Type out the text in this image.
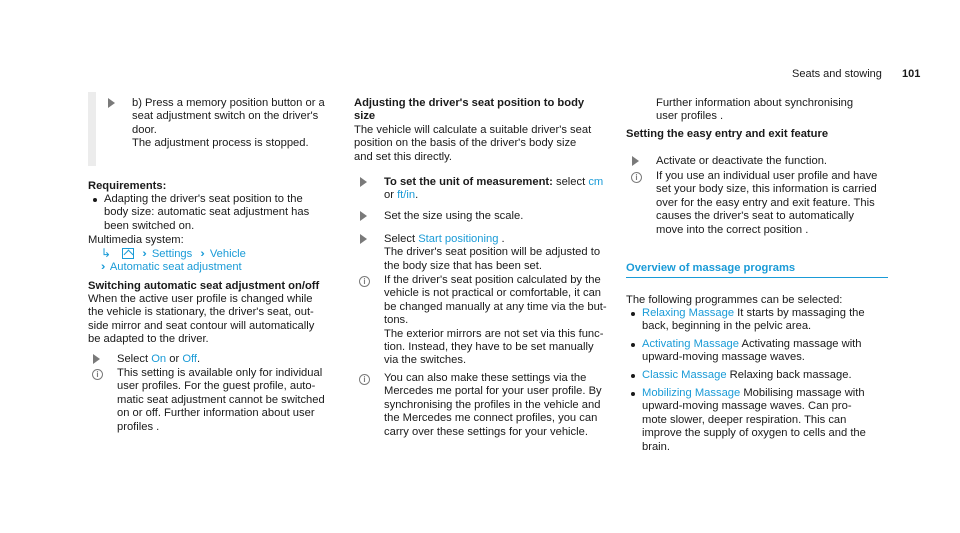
Seats and stowing 101
b) Press a memory position button or a
seat adjustment switch on the driver's
door.
The adjustment process is stopped.
Requirements:
Adapting the driver's seat position to the
body size: automatic seat adjustment has
been switched on.
Multimedia system:
↳	›› Settings ›› Vehicle
›› Automatic seat adjustment
Switching automatic seat adjustment on/off
When the active user profile is changed while
the vehicle is stationary, the driver's seat, out-
side mirror and seat contour will automatically
be adapted to the driver.
Select On or Off.
i	This setting is available only for individual
user profiles. For the guest profile, auto-
matic seat adjustment cannot be switched
on or off. Further information about user
profiles .
Adjusting the driver's seat position to body
size
The vehicle will calculate a suitable driver's seat
position on the basis of the driver's body size
and set this directly.
To set the unit of measurement: select cm
or ft/in.
Set the size using the scale.
Select Start positioning .
The driver's seat position will be adjusted to
the body size that has been set.
i	If the driver's seat position calculated by the
vehicle is not practical or comfortable, it can
be changed manually at any time via the but-
tons.
The exterior mirrors are not set via this func-
tion. Instead, they have to be set manually
via the switches.
i	You can also make these settings via the
Mercedes me portal for your user profile. By
synchronising the profiles in the vehicle and
the Mercedes me connect profiles, you can
carry over these settings for your vehicle.
Further information about synchronising
user profiles .
Setting the easy entry and exit feature
Activate or deactivate the function.
i	If you use an individual user profile and have
set your body size, this information is carried
over for the easy entry and exit feature. This
causes the driver's seat to automatically
move into the correct position .
Overview of massage programs
The following programmes can be selected:
Relaxing Massage It starts by massaging the
back, beginning in the pelvic area.
Activating Massage Activating massage with
upward-moving massage waves.
Classic Massage Relaxing back massage.
Mobilizing Massage Mobilising massage with
upward-moving massage waves. Can pro-
mote slower, deeper respiration. This can
improve the supply of oxygen to cells and the
brain.
